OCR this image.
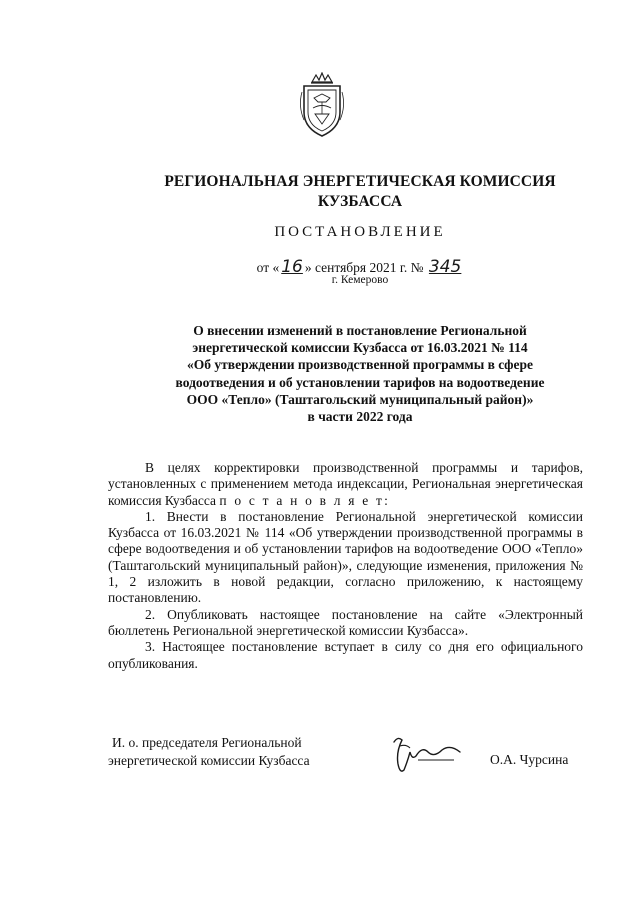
РЕГИОНАЛЬНАЯ ЭНЕРГЕТИЧЕСКАЯ КОМИССИЯ
КУЗБАССА
ПОСТАНОВЛЕНИЕ
от « 16 » сентября 2021 г. № 345
г. Кемерово
О внесении изменений в постановление Региональной
энергетической комиссии Кузбасса от 16.03.2021 № 114
«Об утверждении производственной программы в сфере
водоотведения и об установлении тарифов на водоотведение
ООО «Тепло» (Таштагольский муниципальный район)»
в части 2022 года

В целях корректировки производственной программы и тарифов, установленных с применением метода индексации, Региональная энергетическая комиссия Кузбасса п о с т а н о в л я е т:

1. Внести в постановление Региональной энергетической комиссии Кузбасса от 16.03.2021 № 114 «Об утверждении производственной программы в сфере водоотведения и об установлении тарифов на водоотведение ООО «Тепло» (Таштагольский муниципальный район)», следующие изменения, приложения № 1, 2 изложить в новой редакции, согласно приложению, к настоящему постановлению.

2. Опубликовать настоящее постановление на сайте «Электронный бюллетень Региональной энергетической комиссии Кузбасса».

3. Настоящее постановление вступает в силу со дня его официального опубликования.

И. о. председателя Региональной
энергетической комиссии Кузбасса	О.А. Чурсина
